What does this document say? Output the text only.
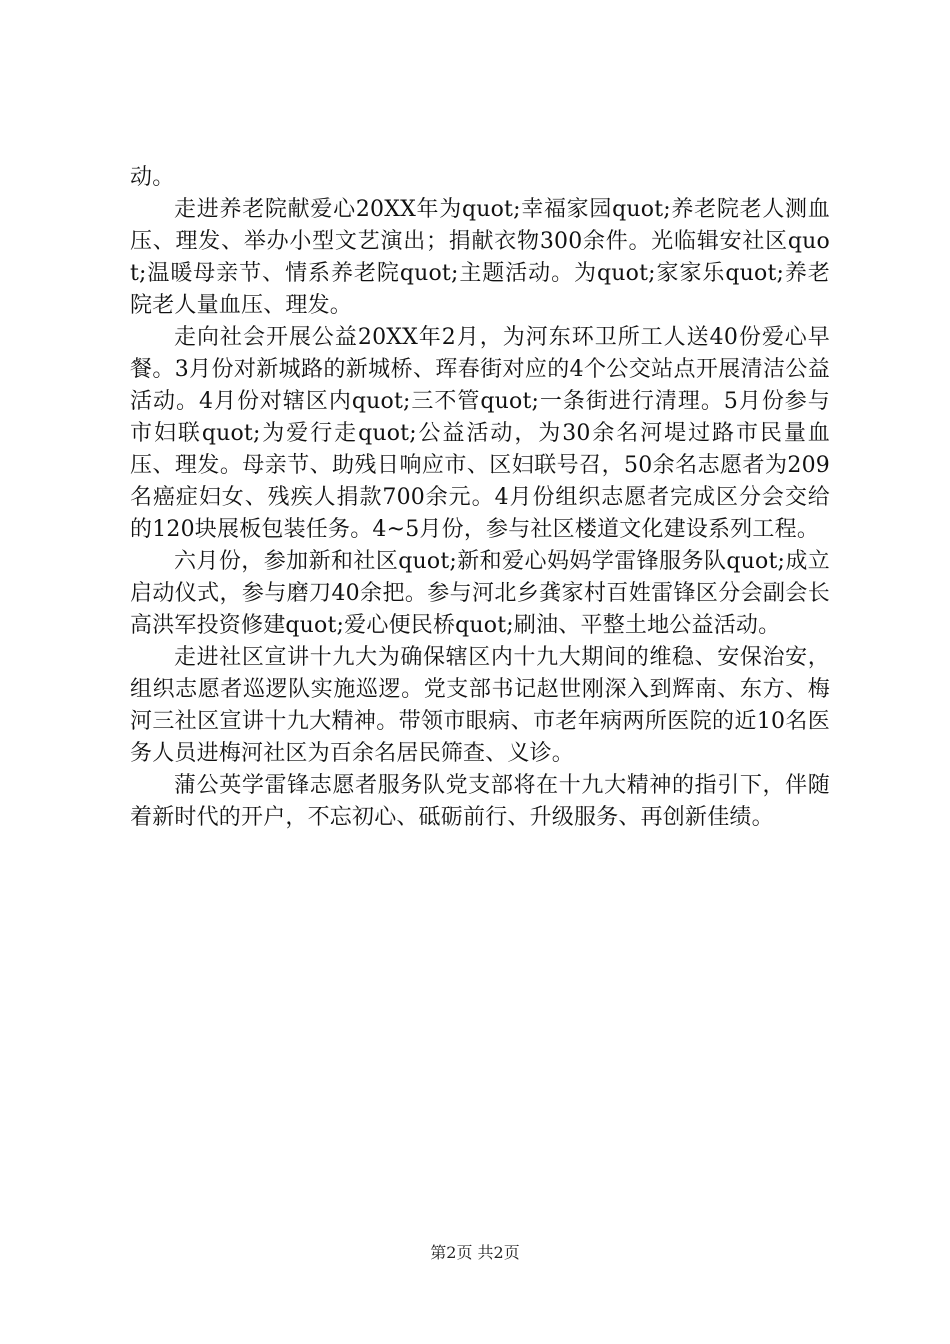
动。

走进养老院献爱心20XX年为quot;幸福家园quot;养老院老人测血压、理发、举办小型文艺演出；捐献衣物300余件。光临辑安社区quot;温暖母亲节、情系养老院quot;主题活动。为quot;家家乐quot;养老院老人量血压、理发。

走向社会开展公益20XX年2月，为河东环卫所工人送40份爱心早餐。3月份对新城路的新城桥、珲春街对应的4个公交站点开展清洁公益活动。4月份对辖区内quot;三不管quot;一条街进行清理。5月份参与市妇联quot;为爱行走quot;公益活动，为30余名河堤过路市民量血压、理发。母亲节、助残日响应市、区妇联号召，50余名志愿者为209名癌症妇女、残疾人捐款700余元。4月份组织志愿者完成区分会交给的120块展板包装任务。4~5月份，参与社区楼道文化建设系列工程。

六月份，参加新和社区quot;新和爱心妈妈学雷锋服务队quot;成立启动仪式，参与磨刀40余把。参与河北乡龚家村百姓雷锋区分会副会长高洪军投资修建quot;爱心便民桥quot;刷油、平整土地公益活动。

走进社区宣讲十九大为确保辖区内十九大期间的维稳、安保治安，组织志愿者巡逻队实施巡逻。党支部书记赵世刚深入到辉南、东方、梅河三社区宣讲十九大精神。带领市眼病、市老年病两所医院的近10名医务人员进梅河社区为百余名居民筛查、义诊。

蒲公英学雷锋志愿者服务队党支部将在十九大精神的指引下，伴随着新时代的开户，不忘初心、砥砺前行、升级服务、再创新佳绩。

第2页 共2页
